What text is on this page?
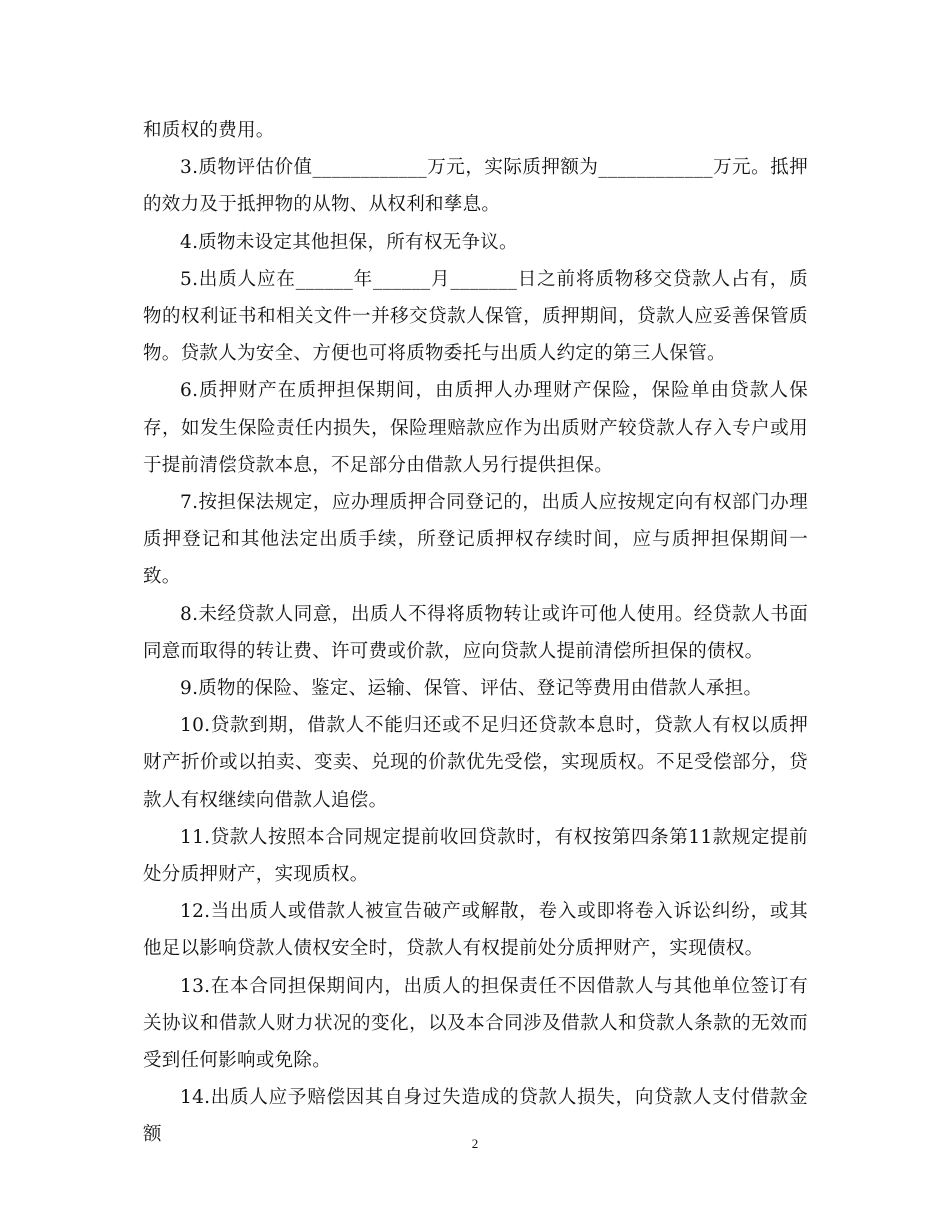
和质权的费用。

3.质物评估价值____________万元，实际质押额为____________万元。抵押的效力及于抵押物的从物、从权利和孳息。

4.质物未设定其他担保，所有权无争议。

5.出质人应在______年______月_______日之前将质物移交贷款人占有，质物的权利证书和相关文件一并移交贷款人保管，质押期间，贷款人应妥善保管质物。贷款人为安全、方便也可将质物委托与出质人约定的第三人保管。

6.质押财产在质押担保期间，由质押人办理财产保险，保险单由贷款人保存，如发生保险责任内损失，保险理赔款应作为出质财产较贷款人存入专户或用于提前清偿贷款本息，不足部分由借款人另行提供担保。

7.按担保法规定，应办理质押合同登记的，出质人应按规定向有权部门办理质押登记和其他法定出质手续，所登记质押权存续时间，应与质押担保期间一致。

8.未经贷款人同意，出质人不得将质物转让或许可他人使用。经贷款人书面同意而取得的转让费、许可费或价款，应向贷款人提前清偿所担保的债权。

9.质物的保险、鉴定、运输、保管、评估、登记等费用由借款人承担。

10.贷款到期，借款人不能归还或不足归还贷款本息时，贷款人有权以质押财产折价或以拍卖、变卖、兑现的价款优先受偿，实现质权。不足受偿部分，贷款人有权继续向借款人追偿。

11.贷款人按照本合同规定提前收回贷款时，有权按第四条第11款规定提前处分质押财产，实现质权。

12.当出质人或借款人被宣告破产或解散，卷入或即将卷入诉讼纠纷，或其他足以影响贷款人债权安全时，贷款人有权提前处分质押财产，实现债权。

13.在本合同担保期间内，出质人的担保责任不因借款人与其他单位签订有关协议和借款人财力状况的变化，以及本合同涉及借款人和贷款人条款的无效而受到任何影响或免除。

14.出质人应予赔偿因其自身过失造成的贷款人损失，向贷款人支付借款金额	2
